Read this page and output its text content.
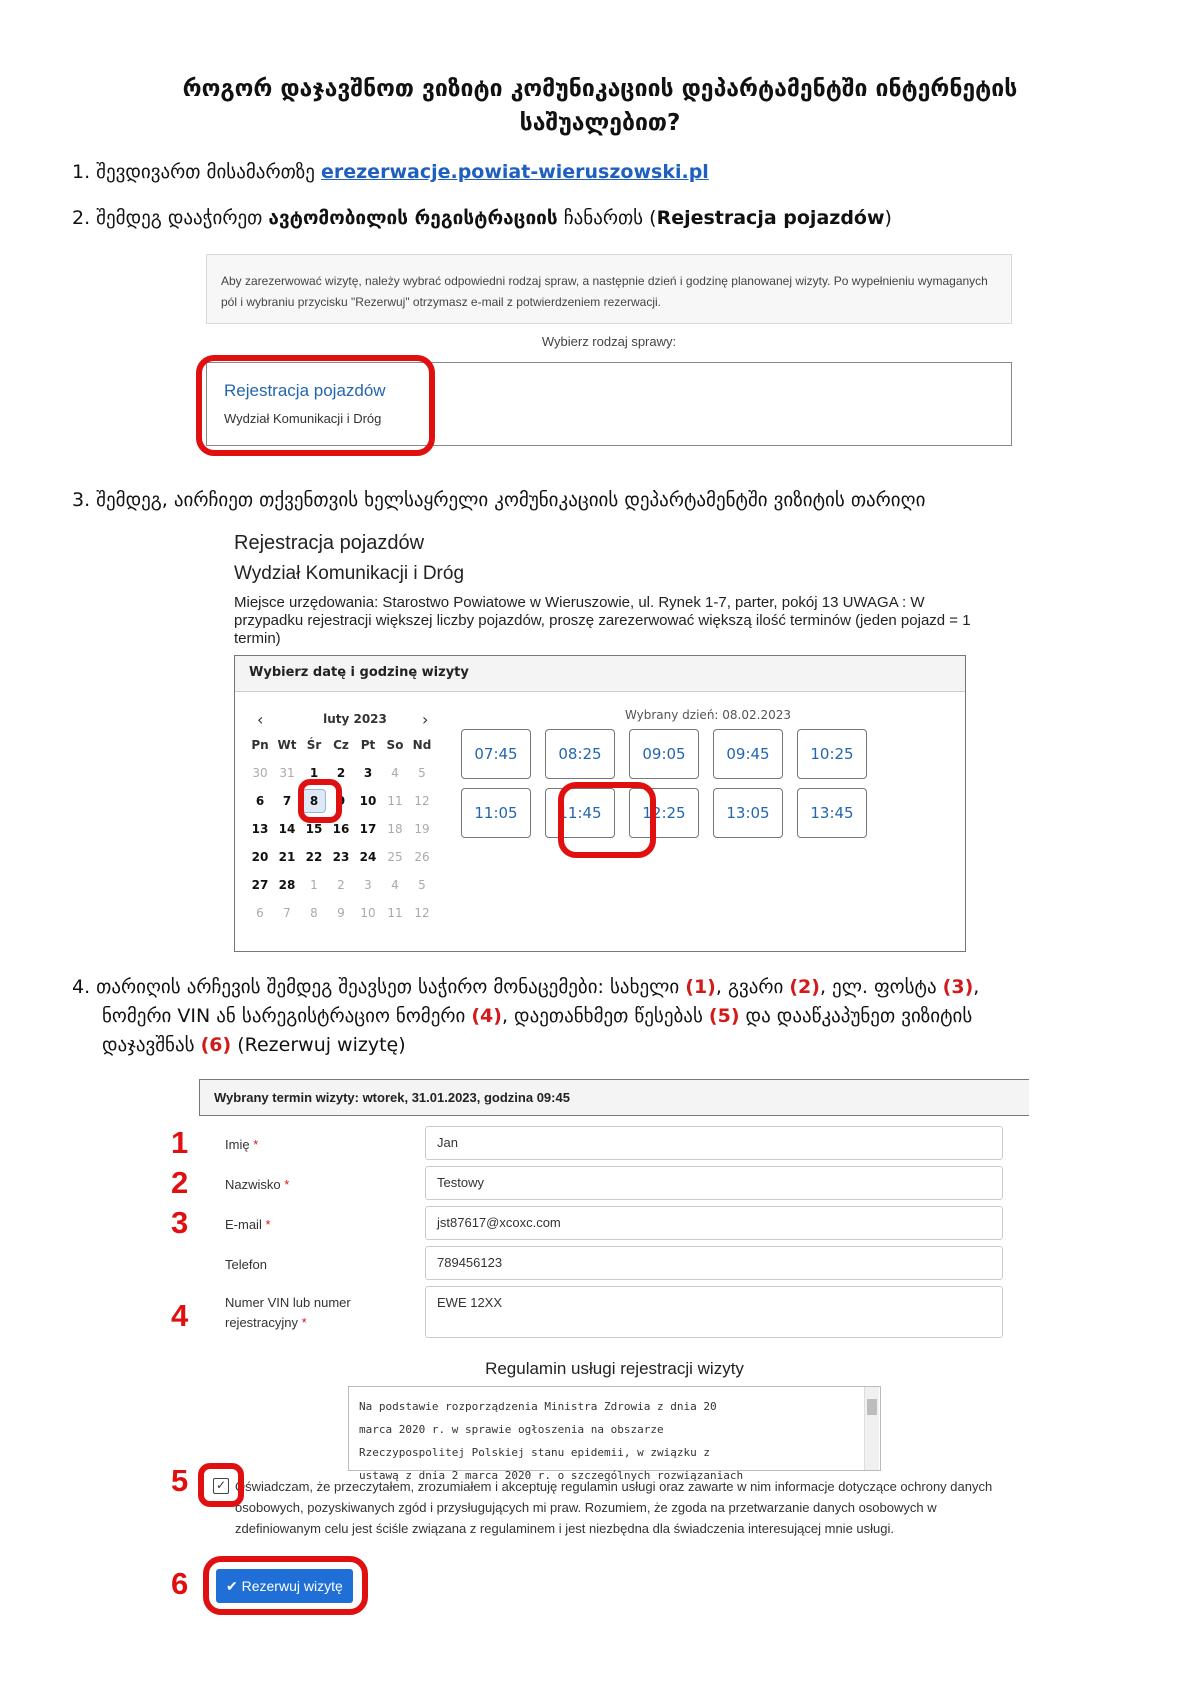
როგორ დაჯავშნოთ ვიზიტი კომუნიკაციის დეპარტამენტში ინტერნეტის საშუალებით?
1. შევდივართ მისამართზე erezerwacje.powiat-wieruszowski.pl
2. შემდეგ დააჭირეთ ავტომობილის რეგისტრაციის ჩანართს (Rejestracja pojazdów)
Aby zarezerwować wizytę, należy wybrać odpowiedni rodzaj spraw, a następnie dzień i godzinę planowanej wizyty. Po wypełnieniu wymaganych pól i wybraniu przycisku "Rezerwuj" otrzymasz e-mail z potwierdzeniem rezerwacji.
Wybierz rodzaj sprawy:
Rejestracja pojazdów
Wydział Komunikacji i Dróg
3. შემდეგ, აირჩიეთ თქვენთვის ხელსაყრელი კომუნიკაციის დეპარტამენტში ვიზიტის თარიღი
Rejestracja pojazdów
Wydział Komunikacji i Dróg
Miejsce urzędowania: Starostwo Powiatowe w Wieruszowie, ul. Rynek 1-7, parter, pokój 13 UWAGA : W przypadku rejestracji większej liczby pojazdów, proszę zarezerwować większą ilość terminów (jeden pojazd = 1 termin)
Wybierz datę i godzinę wizyty
‹	luty 2023	›
Pn Wt Śr Cz Pt So Nd
30 31	1	2	3	4	5
6	7	8	9	10 11 12
13 14 15 16 17 18 19
20 21 22 23 24 25 26
27 28	1	2	3	4	5
6	7	8	9	10 11 12
Wybrany dzień: 08.02.2023
07:45	08:25	09:05	09:45	10:25
11:05	11:45	12:25	13:05	13:45
4. თარიღის არჩევის შემდეგ შეავსეთ საჭირო მონაცემები: სახელი (1), გვარი (2), ელ. ფოსტა (3),
ნომერი VIN ან სარეგისტრაციო ნომერი (4), დაეთანხმეთ წესებას (5) და დააწკაპუნეთ ვიზიტის
დაჯავშნას (6) (Rezerwuj wizytę)
Wybrany termin wizyty: wtorek, 31.01.2023, godzina 09:45
1	Imię *	Jan
2	Nazwisko *	Testowy
3	E-mail *	jst87617@xcoxc.com
Telefon	789456123
4	Numer VIN lub numer
rejestracyjny *
EWE 12XX
Regulamin usługi rejestracji wizyty
Na podstawie rozporządzenia Ministra Zdrowia z dnia 20
marca 2020 r. w sprawie ogłoszenia na obszarze
Rzeczypospolitej Polskiej stanu epidemii, w związku z
ustawą z dnia 2 marca 2020 r. o szczególnych rozwiązaniach
5 ✓ Oświadczam, że przeczytałem, zrozumiałem i akceptuję regulamin usługi oraz zawarte w nim informacje dotyczące ochrony danych osobowych, pozyskiwanych zgód i przysługujących mi praw. Rozumiem, że zgoda na przetwarzanie danych osobowych w zdefiniowanym celu jest ściśle związana z regulaminem i jest niezbędna dla świadczenia interesującej mnie usługi.
6	✔ Rezerwuj wizytę
